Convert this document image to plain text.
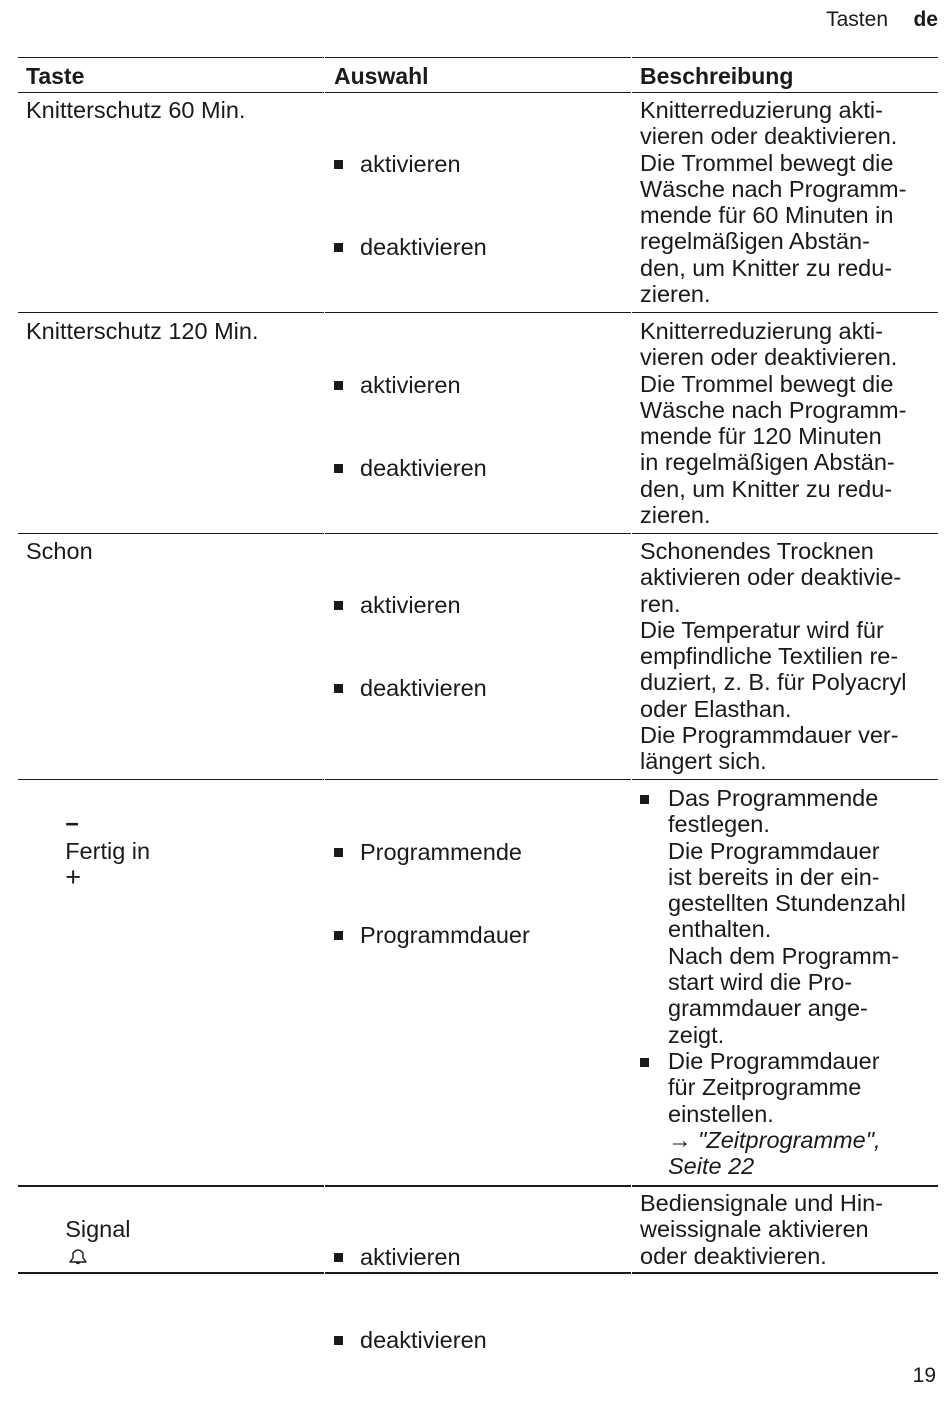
Tasten de
Taste	Auswahl	Beschreibung
Knitterschutz 60 Min.

aktivieren

deaktivieren

Knitterreduzierung akti-
vieren oder deaktivieren.
Die Trommel bewegt die
Wäsche nach Programm-
mende für 60 Minuten in
regelmäßigen Abstän-
den, um Knitter zu redu-
zieren.
Knitterschutz 120 Min.

aktivieren

deaktivieren

Knitterreduzierung akti-
vieren oder deaktivieren.
Die Trommel bewegt die
Wäsche nach Programm-
mende für 120 Minuten
in regelmäßigen Abstän-
den, um Knitter zu redu-
zieren.
Schon

aktivieren

deaktivieren

Schonendes Trocknen
aktivieren oder deaktivie-
ren.
Die Temperatur wird für
empfindliche Textilien re-
duziert, z. B. für Polyacryl
oder Elasthan.
Die Programmdauer ver-
längert sich.

−
Fertig in
+

Programmende

Programmdauer

Das Programmende
festlegen.
Die Programmdauer
ist bereits in der ein-
gestellten Stundenzahl
enthalten.
Nach dem Programm-
start wird die Pro-
grammdauer ange-
zeigt.
Die Programmdauer
für Zeitprogramme
einstellen.
→ "Zeitprogramme",
Seite 22

Signal

aktivieren

deaktivieren

Bediensignale und Hin-
weissignale aktivieren
oder deaktivieren.
19
